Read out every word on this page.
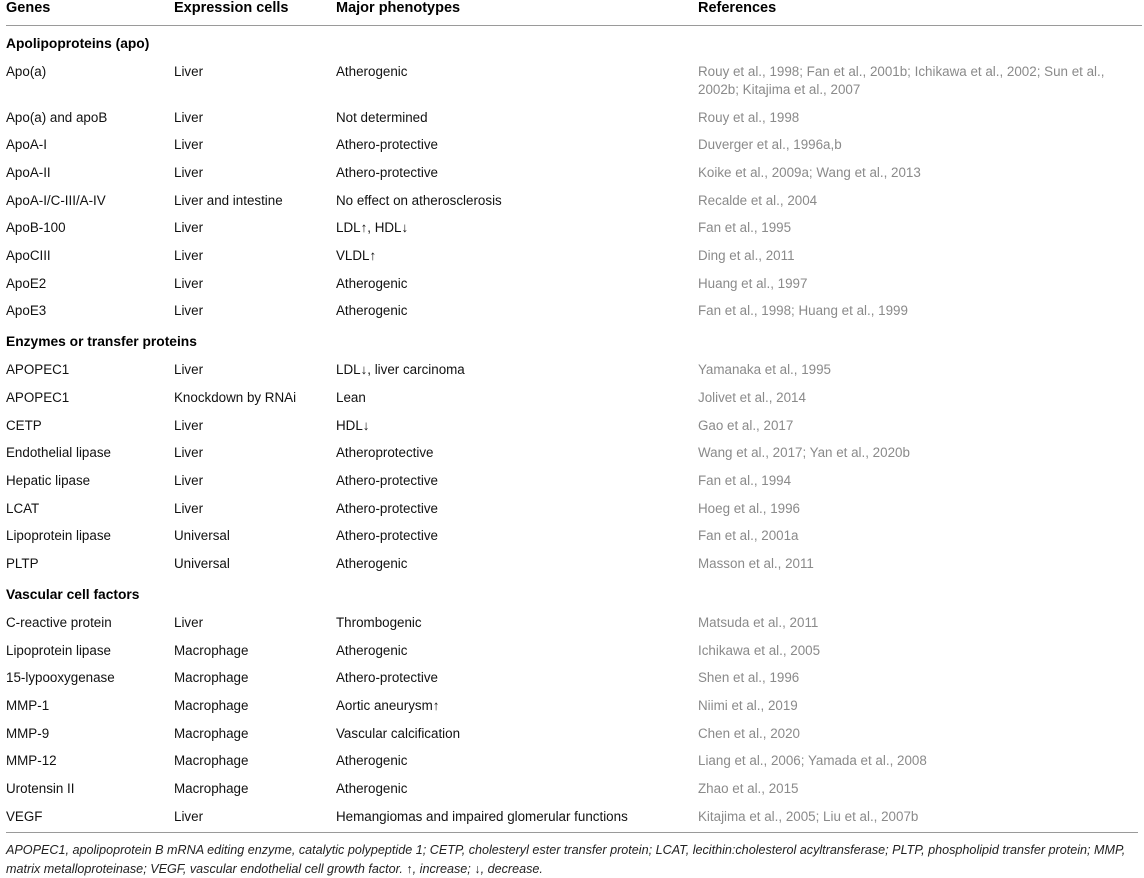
Genes	Expression cells	Major phenotypes	References
Apolipoproteins (apo)			
Apo(a)	Liver	Atherogenic	Rouy et al., 1998; Fan et al., 2001b; Ichikawa et al., 2002; Sun et al., 2002b; Kitajima et al., 2007
Apo(a) and apoB	Liver	Not determined	Rouy et al., 1998
ApoA-I	Liver	Athero-protective	Duverger et al., 1996a,b
ApoA-II	Liver	Athero-protective	Koike et al., 2009a; Wang et al., 2013
ApoA-I/C-III/A-IV	Liver and intestine	No effect on atherosclerosis	Recalde et al., 2004
ApoB-100	Liver	LDL↑, HDL↓	Fan et al., 1995
ApoCIII	Liver	VLDL↑	Ding et al., 2011
ApoE2	Liver	Atherogenic	Huang et al., 1997
ApoE3	Liver	Atherogenic	Fan et al., 1998; Huang et al., 1999
Enzymes or transfer proteins			
APOPEC1	Liver	LDL↓, liver carcinoma	Yamanaka et al., 1995
APOPEC1	Knockdown by RNAi	Lean	Jolivet et al., 2014
CETP	Liver	HDL↓	Gao et al., 2017
Endothelial lipase	Liver	Atheroprotective	Wang et al., 2017; Yan et al., 2020b
Hepatic lipase	Liver	Athero-protective	Fan et al., 1994
LCAT	Liver	Athero-protective	Hoeg et al., 1996
Lipoprotein lipase	Universal	Athero-protective	Fan et al., 2001a
PLTP	Universal	Atherogenic	Masson et al., 2011
Vascular cell factors			
C-reactive protein	Liver	Thrombogenic	Matsuda et al., 2011
Lipoprotein lipase	Macrophage	Atherogenic	Ichikawa et al., 2005
15-lypooxygenase	Macrophage	Athero-protective	Shen et al., 1996
MMP-1	Macrophage	Aortic aneurysm↑	Niimi et al., 2019
MMP-9	Macrophage	Vascular calcification	Chen et al., 2020
MMP-12	Macrophage	Atherogenic	Liang et al., 2006; Yamada et al., 2008
Urotensin II	Macrophage	Atherogenic	Zhao et al., 2015
VEGF	Liver	Hemangiomas and impaired glomerular functions	Kitajima et al., 2005; Liu et al., 2007b

APOPEC1, apolipoprotein B mRNA editing enzyme, catalytic polypeptide 1; CETP, cholesteryl ester transfer protein; LCAT, lecithin:cholesterol acyltransferase; PLTP, phospholipid transfer protein; MMP, matrix metalloproteinase; VEGF, vascular endothelial cell growth factor. ↑, increase; ↓, decrease.
